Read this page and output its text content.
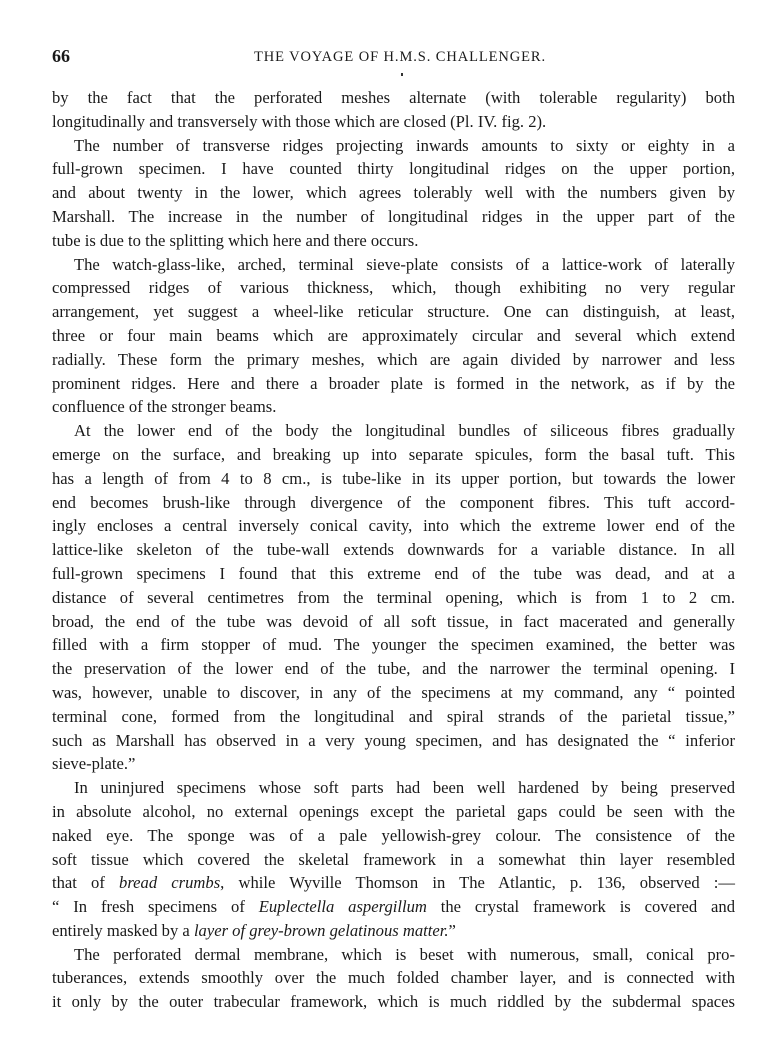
66	THE VOYAGE OF H.M.S. CHALLENGER.
by the fact that the perforated meshes alternate (with tolerable regularity) both
longitudinally and transversely with those which are closed (Pl. IV. fig. 2).
The number of transverse ridges projecting inwards amounts to sixty or eighty in a
full-grown specimen. I have counted thirty longitudinal ridges on the upper portion,
and about twenty in the lower, which agrees tolerably well with the numbers given by
Marshall. The increase in the number of longitudinal ridges in the upper part of the
tube is due to the splitting which here and there occurs.
The watch-glass-like, arched, terminal sieve-plate consists of a lattice-work of laterally
compressed ridges of various thickness, which, though exhibiting no very regular
arrangement, yet suggest a wheel-like reticular structure. One can distinguish, at least,
three or four main beams which are approximately circular and several which extend
radially. These form the primary meshes, which are again divided by narrower and less
prominent ridges. Here and there a broader plate is formed in the network, as if by the
confluence of the stronger beams.
At the lower end of the body the longitudinal bundles of siliceous fibres gradually
emerge on the surface, and breaking up into separate spicules, form the basal tuft. This
has a length of from 4 to 8 cm., is tube-like in its upper portion, but towards the lower
end becomes brush-like through divergence of the component fibres. This tuft accord-
ingly encloses a central inversely conical cavity, into which the extreme lower end of the
lattice-like skeleton of the tube-wall extends downwards for a variable distance. In all
full-grown specimens I found that this extreme end of the tube was dead, and at a
distance of several centimetres from the terminal opening, which is from 1 to 2 cm.
broad, the end of the tube was devoid of all soft tissue, in fact macerated and generally
filled with a firm stopper of mud. The younger the specimen examined, the better was
the preservation of the lower end of the tube, and the narrower the terminal opening. I
was, however, unable to discover, in any of the specimens at my command, any “ pointed
terminal cone, formed from the longitudinal and spiral strands of the parietal tissue,”
such as Marshall has observed in a very young specimen, and has designated the “ inferior
sieve-plate.”
In uninjured specimens whose soft parts had been well hardened by being preserved
in absolute alcohol, no external openings except the parietal gaps could be seen with the
naked eye. The sponge was of a pale yellowish-grey colour. The consistence of the
soft tissue which covered the skeletal framework in a somewhat thin layer resembled
that of bread crumbs, while Wyville Thomson in The Atlantic, p. 136, observed :—
“ In fresh specimens of Euplectella aspergillum the crystal framework is covered and
entirely masked by a layer of grey-brown gelatinous matter.”
The perforated dermal membrane, which is beset with numerous, small, conical pro-
tuberances, extends smoothly over the much folded chamber layer, and is connected with
it only by the outer trabecular framework, which is much riddled by the subdermal spaces
